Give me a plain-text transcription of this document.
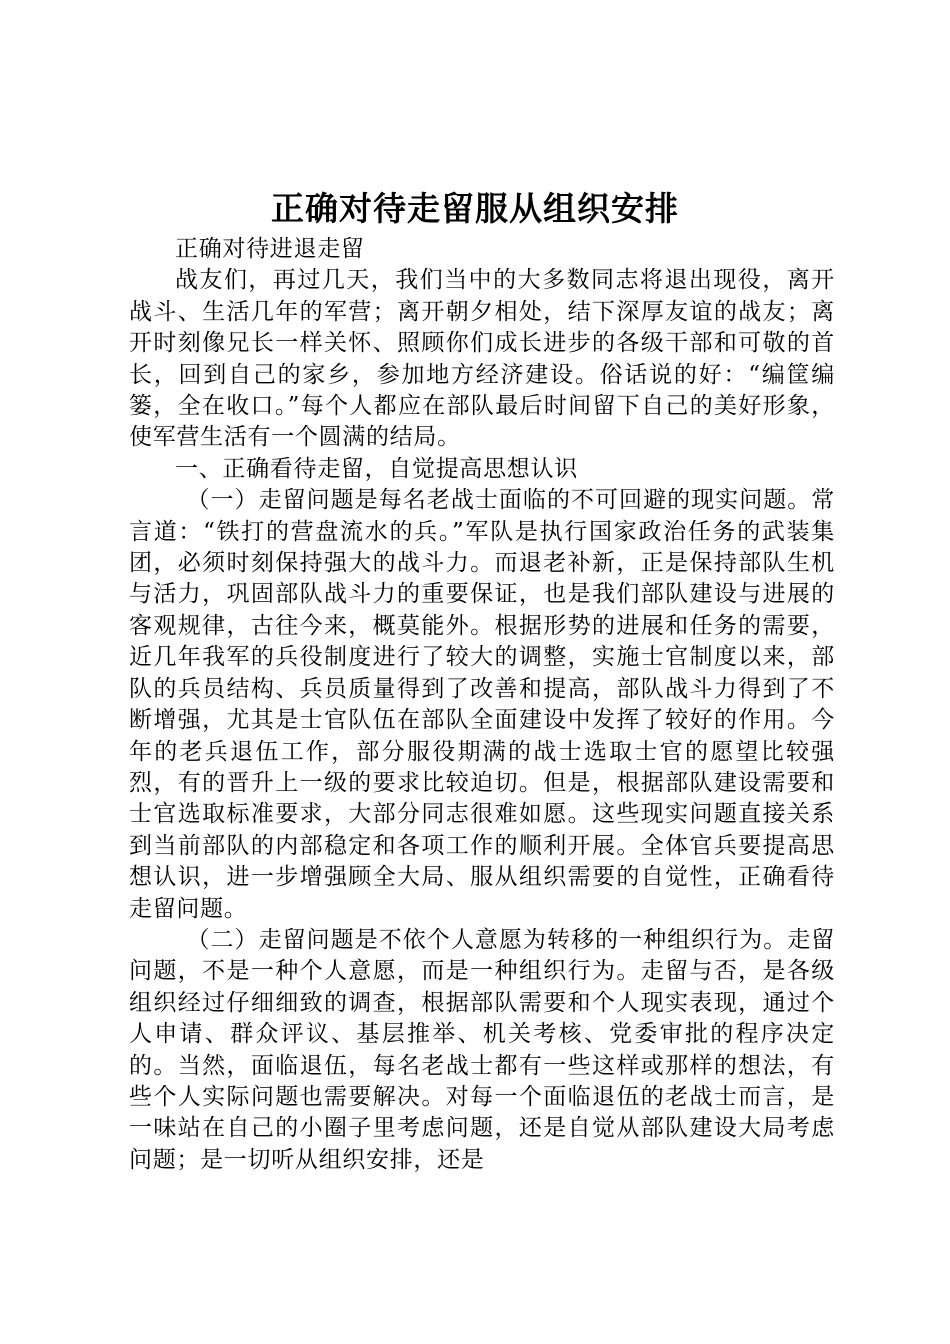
正确对待走留服从组织安排

正确对待进退走留

战友们，再过几天，我们当中的大多数同志将退出现役，离开战斗、生活几年的军营；离开朝夕相处，结下深厚友谊的战友；离开时刻像兄长一样关怀、照顾你们成长进步的各级干部和可敬的首长，回到自己的家乡，参加地方经济建设。俗话说的好：“编筐编篓，全在收口。”每个人都应在部队最后时间留下自己的美好形象，使军营生活有一个圆满的结局。

一、正确看待走留，自觉提高思想认识

（一）走留问题是每名老战士面临的不可回避的现实问题。常言道：“铁打的营盘流水的兵。”军队是执行国家政治任务的武装集团，必须时刻保持强大的战斗力。而退老补新，正是保持部队生机与活力，巩固部队战斗力的重要保证，也是我们部队建设与进展的客观规律，古往今来，概莫能外。根据形势的进展和任务的需要，近几年我军的兵役制度进行了较大的调整，实施士官制度以来，部队的兵员结构、兵员质量得到了改善和提高，部队战斗力得到了不断增强，尤其是士官队伍在部队全面建设中发挥了较好的作用。今年的老兵退伍工作，部分服役期满的战士选取士官的愿望比较强烈，有的晋升上一级的要求比较迫切。但是，根据部队建设需要和士官选取标准要求，大部分同志很难如愿。这些现实问题直接关系到当前部队的内部稳定和各项工作的顺利开展。全体官兵要提高思想认识，进一步增强顾全大局、服从组织需要的自觉性，正确看待走留问题。

（二）走留问题是不依个人意愿为转移的一种组织行为。走留问题，不是一种个人意愿，而是一种组织行为。走留与否，是各级组织经过仔细细致的调查，根据部队需要和个人现实表现，通过个人申请、群众评议、基层推举、机关考核、党委审批的程序决定的。当然，面临退伍，每名老战士都有一些这样或那样的想法，有些个人实际问题也需要解决。对每一个面临退伍的老战士而言，是一味站在自己的小圈子里考虑问题，还是自觉从部队建设大局考虑问题；是一切听从组织安排，还是
